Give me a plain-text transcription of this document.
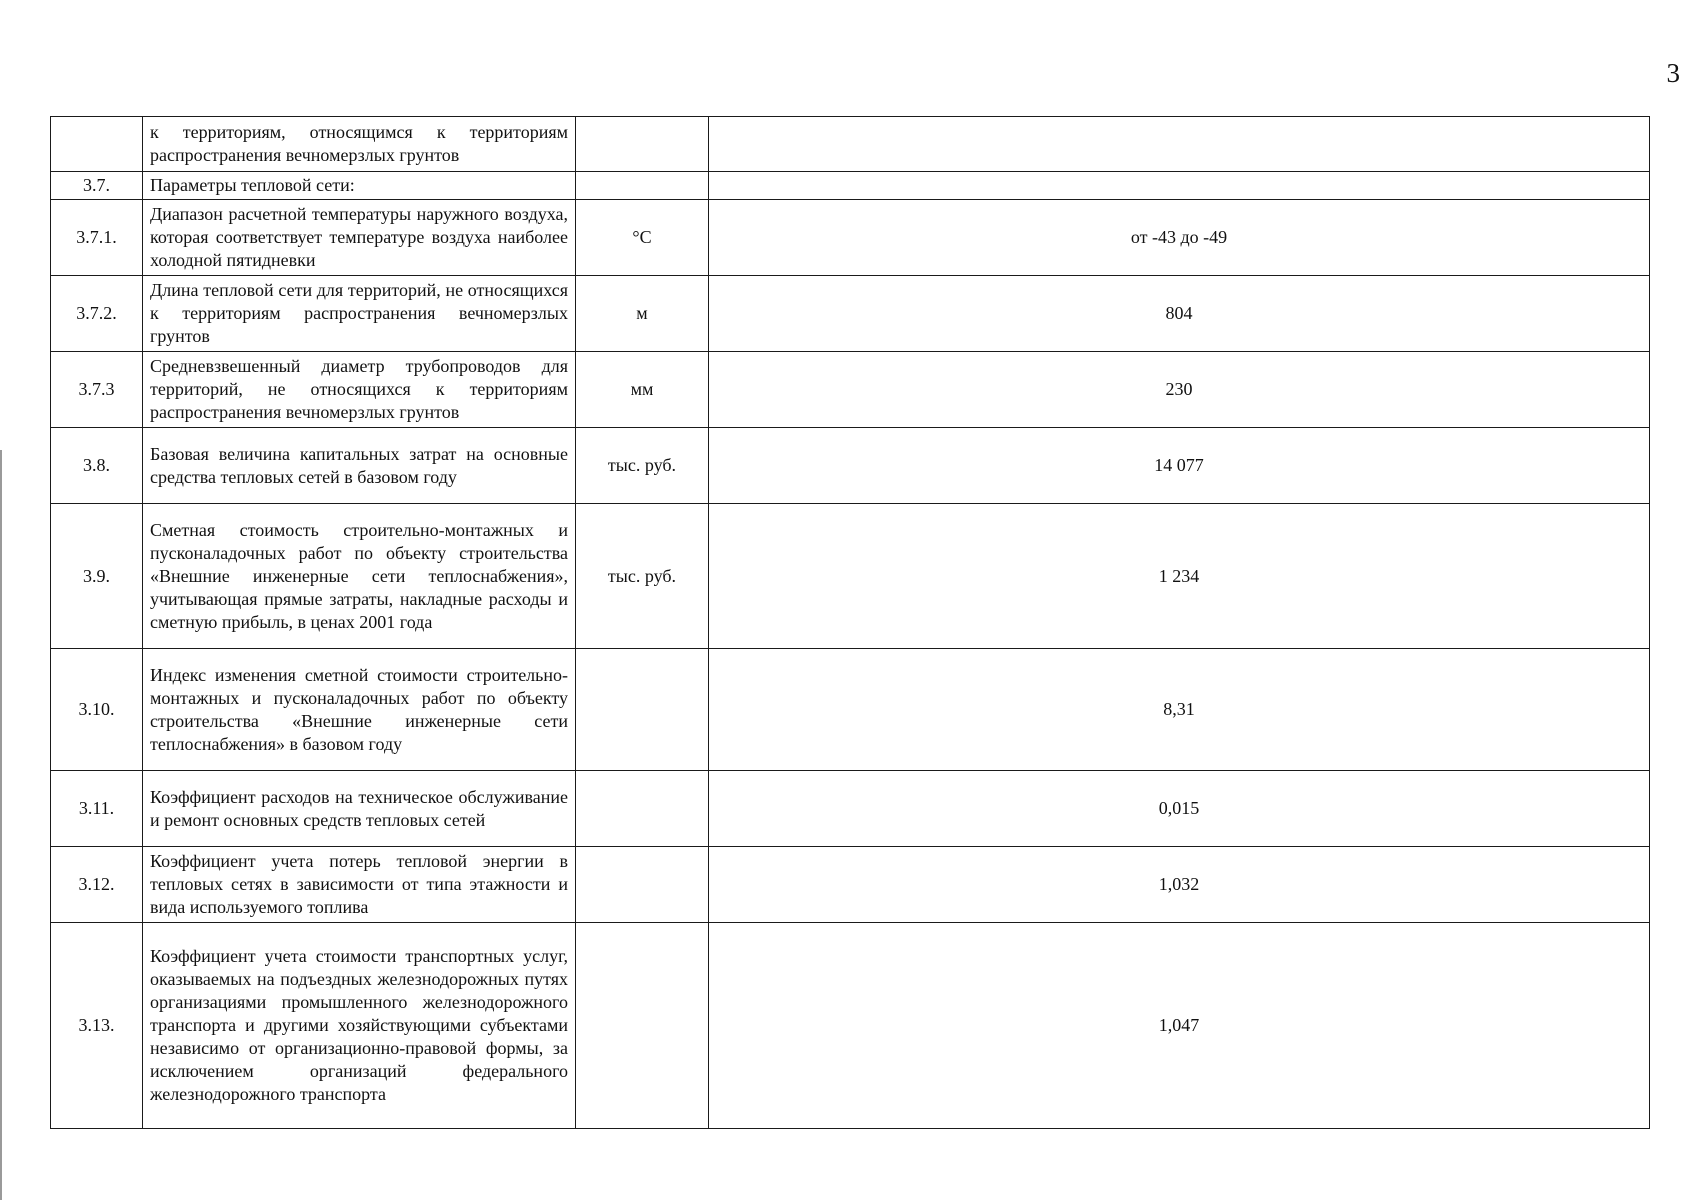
3
	к территориям, относящимся к территориям распространения вечномерзлых грунтов		
3.7.	Параметры тепловой сети:		
3.7.1.	Диапазон расчетной температуры наружного воздуха, которая соответствует температуре воздуха наиболее холодной пятидневки	°С	от -43 до -49
3.7.2.	Длина тепловой сети для территорий, не относящихся к территориям распространения вечномерзлых грунтов	м	804
3.7.3	Средневзвешенный диаметр трубопроводов для территорий, не относящихся к территориям распространения вечномерзлых грунтов	мм	230
3.8.	Базовая величина капитальных затрат на основные средства тепловых сетей в базовом году	тыс. руб.	14 077
3.9.	Сметная стоимость строительно-монтажных и пусконаладочных работ по объекту строительства «Внешние инженерные сети теплоснабжения», учитывающая прямые затраты, накладные расходы и сметную прибыль, в ценах 2001 года	тыс. руб.	1 234
3.10.	Индекс изменения сметной стоимости строительно-монтажных и пусконаладочных работ по объекту строительства «Внешние инженерные сети теплоснабжения» в базовом году		8,31
3.11.	Коэффициент расходов на техническое обслуживание и ремонт основных средств тепловых сетей		0,015
3.12.	Коэффициент учета потерь тепловой энергии в тепловых сетях в зависимости от типа этажности и вида используемого топлива		1,032
3.13.	Коэффициент учета стоимости транспортных услуг, оказываемых на подъездных железнодорожных путях организациями промышленного железнодорожного транспорта и другими хозяйствующими субъектами независимо от организационно-правовой формы, за исключением организаций федерального железнодорожного транспорта		1,047
